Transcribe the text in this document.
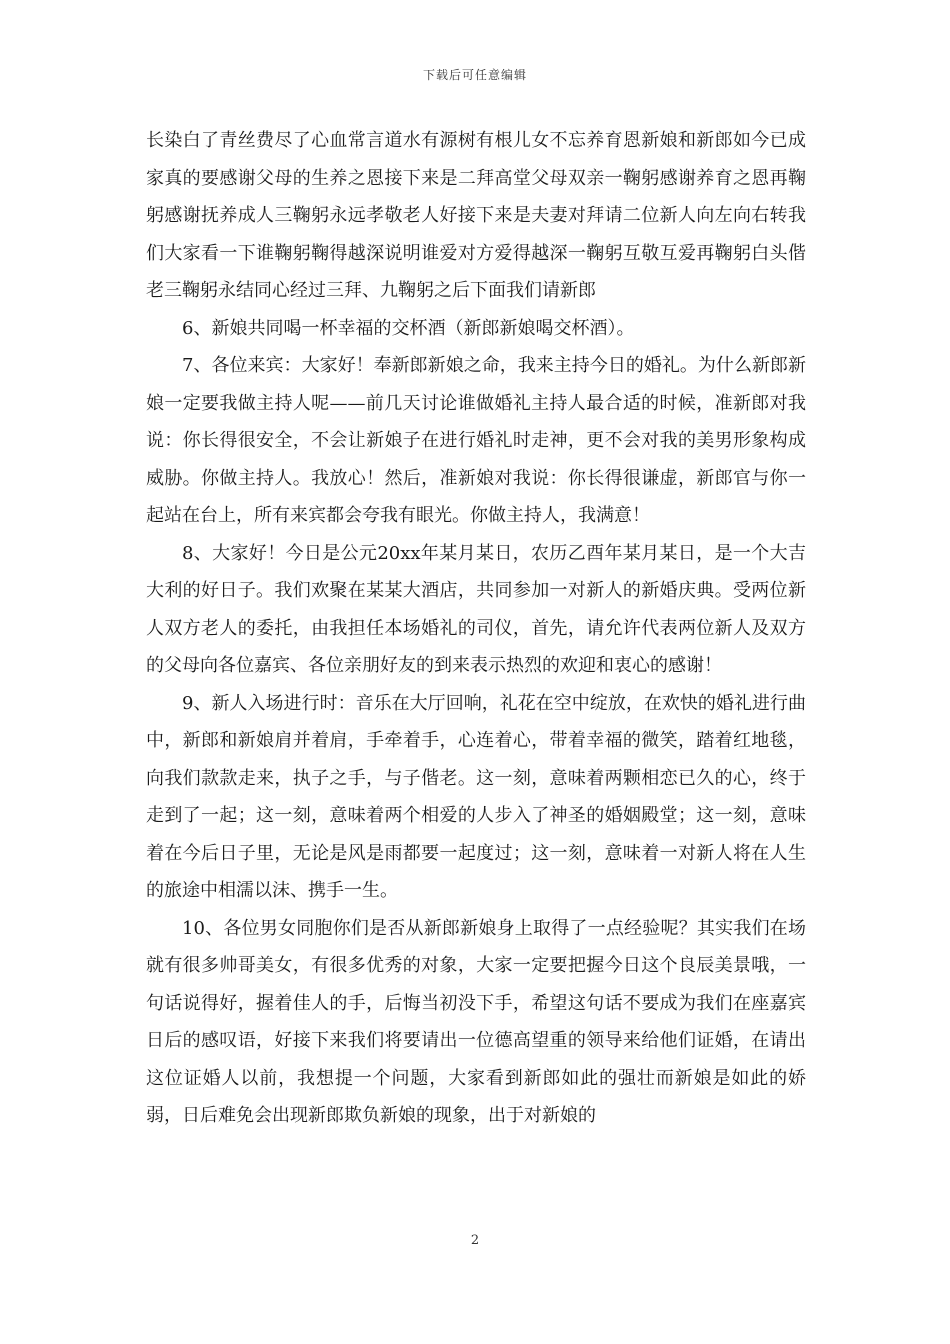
下载后可任意编辑

长染白了青丝费尽了心血常言道水有源树有根儿女不忘养育恩新娘和新郎如今已成家真的要感谢父母的生养之恩接下来是二拜高堂父母双亲一鞠躬感谢养育之恩再鞠躬感谢抚养成人三鞠躬永远孝敬老人好接下来是夫妻对拜请二位新人向左向右转我们大家看一下谁鞠躬鞠得越深说明谁爱对方爱得越深一鞠躬互敬互爱再鞠躬白头偕老三鞠躬永结同心经过三拜、九鞠躬之后下面我们请新郎

6、新娘共同喝一杯幸福的交杯酒（新郎新娘喝交杯酒）。

7、各位来宾：大家好！奉新郎新娘之命，我来主持今日的婚礼。为什么新郎新娘一定要我做主持人呢——前几天讨论谁做婚礼主持人最合适的时候，准新郎对我说：你长得很安全，不会让新娘子在进行婚礼时走神，更不会对我的美男形象构成威胁。你做主持人。我放心！然后，准新娘对我说：你长得很谦虚，新郎官与你一起站在台上，所有来宾都会夸我有眼光。你做主持人，我满意！

8、大家好！今日是公元20xx年某月某日，农历乙酉年某月某日，是一个大吉大利的好日子。我们欢聚在某某大酒店，共同参加一对新人的新婚庆典。受两位新人双方老人的委托，由我担任本场婚礼的司仪，首先，请允许代表两位新人及双方的父母向各位嘉宾、各位亲朋好友的到来表示热烈的欢迎和衷心的感谢！

9、新人入场进行时：音乐在大厅回响，礼花在空中绽放，在欢快的婚礼进行曲中，新郎和新娘肩并着肩，手牵着手，心连着心，带着幸福的微笑，踏着红地毯，向我们款款走来，执子之手，与子偕老。这一刻，意味着两颗相恋已久的心，终于走到了一起；这一刻，意味着两个相爱的人步入了神圣的婚姻殿堂；这一刻，意味着在今后日子里，无论是风是雨都要一起度过；这一刻，意味着一对新人将在人生的旅途中相濡以沫、携手一生。

10、各位男女同胞你们是否从新郎新娘身上取得了一点经验呢？其实我们在场就有很多帅哥美女，有很多优秀的对象，大家一定要把握今日这个良辰美景哦，一句话说得好，握着佳人的手，后悔当初没下手，希望这句话不要成为我们在座嘉宾日后的感叹语，好接下来我们将要请出一位德高望重的领导来给他们证婚，在请出这位证婚人以前，我想提一个问题，大家看到新郎如此的强壮而新娘是如此的娇弱，日后难免会出现新郎欺负新娘的现象，出于对新娘的

2
